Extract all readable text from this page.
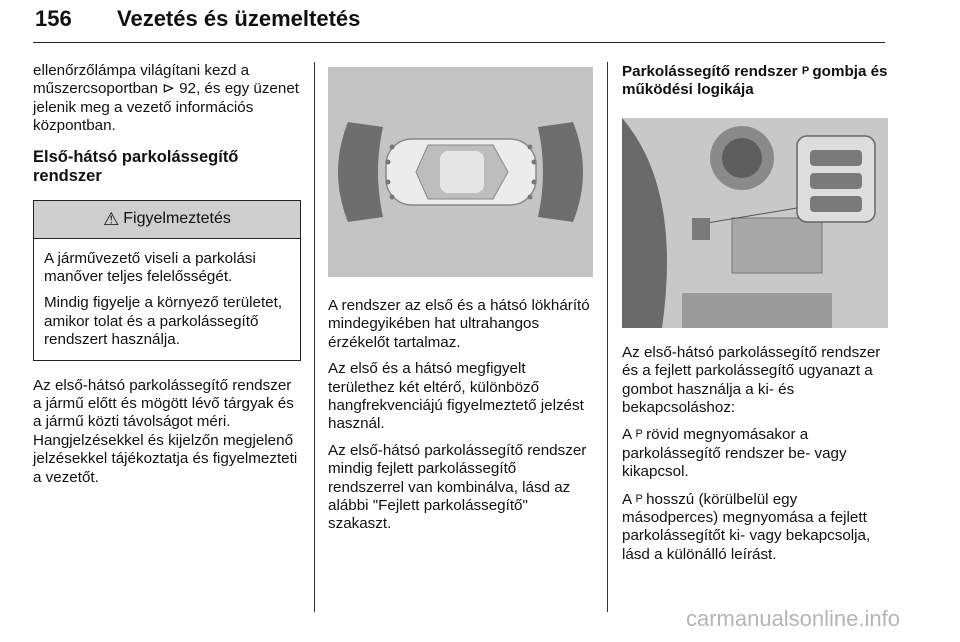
156 Vezetés és üzemeltetés

ellenőrzőlámpa világítani kezd a műszercsoportban ⊳ 92, és egy üzenet jelenik meg a vezető információs központban.

Első-hátsó parkolássegítő rendszer
⚠ Figyelmeztetés

A járművezető viseli a parkolási manőver teljes felelősségét.

Mindig figyelje a környező területet, amikor tolat és a parkolássegítő rendszert használja.

Az első-hátsó parkolássegítő rendszer a jármű előtt és mögött lévő tárgyak és a jármű közti távolságot méri. Hangjelzésekkel és kijelzőn megjelenő jelzésekkel tájékoztatja és figyelmezteti a vezetőt.

A rendszer az első és a hátsó lökhárító mindegyikében hat ultrahangos érzékelőt tartalmaz.

Az első és a hátsó megfigyelt területhez két eltérő, különböző hangfrekvenciájú figyelmeztető jelzést használ.

Az első-hátsó parkolássegítő rendszer mindig fejlett parkolássegítő rendszerrel van kombinálva, lásd az alábbi "Fejlett parkolássegítő" szakaszt.

Parkolássegítő rendszer P gombja és működési logikája

Az első-hátsó parkolássegítő rendszer és a fejlett parkolássegítő ugyanazt a gombot használja a ki- és bekapcsoláshoz:

A P rövid megnyomásakor a parkolássegítő rendszer be- vagy kikapcsol.

A P hosszú (körülbelül egy másodperces) megnyomása a fejlett parkolássegítőt ki- vagy bekapcsolja, lásd a különálló leírást.

carmanualsonline.info
